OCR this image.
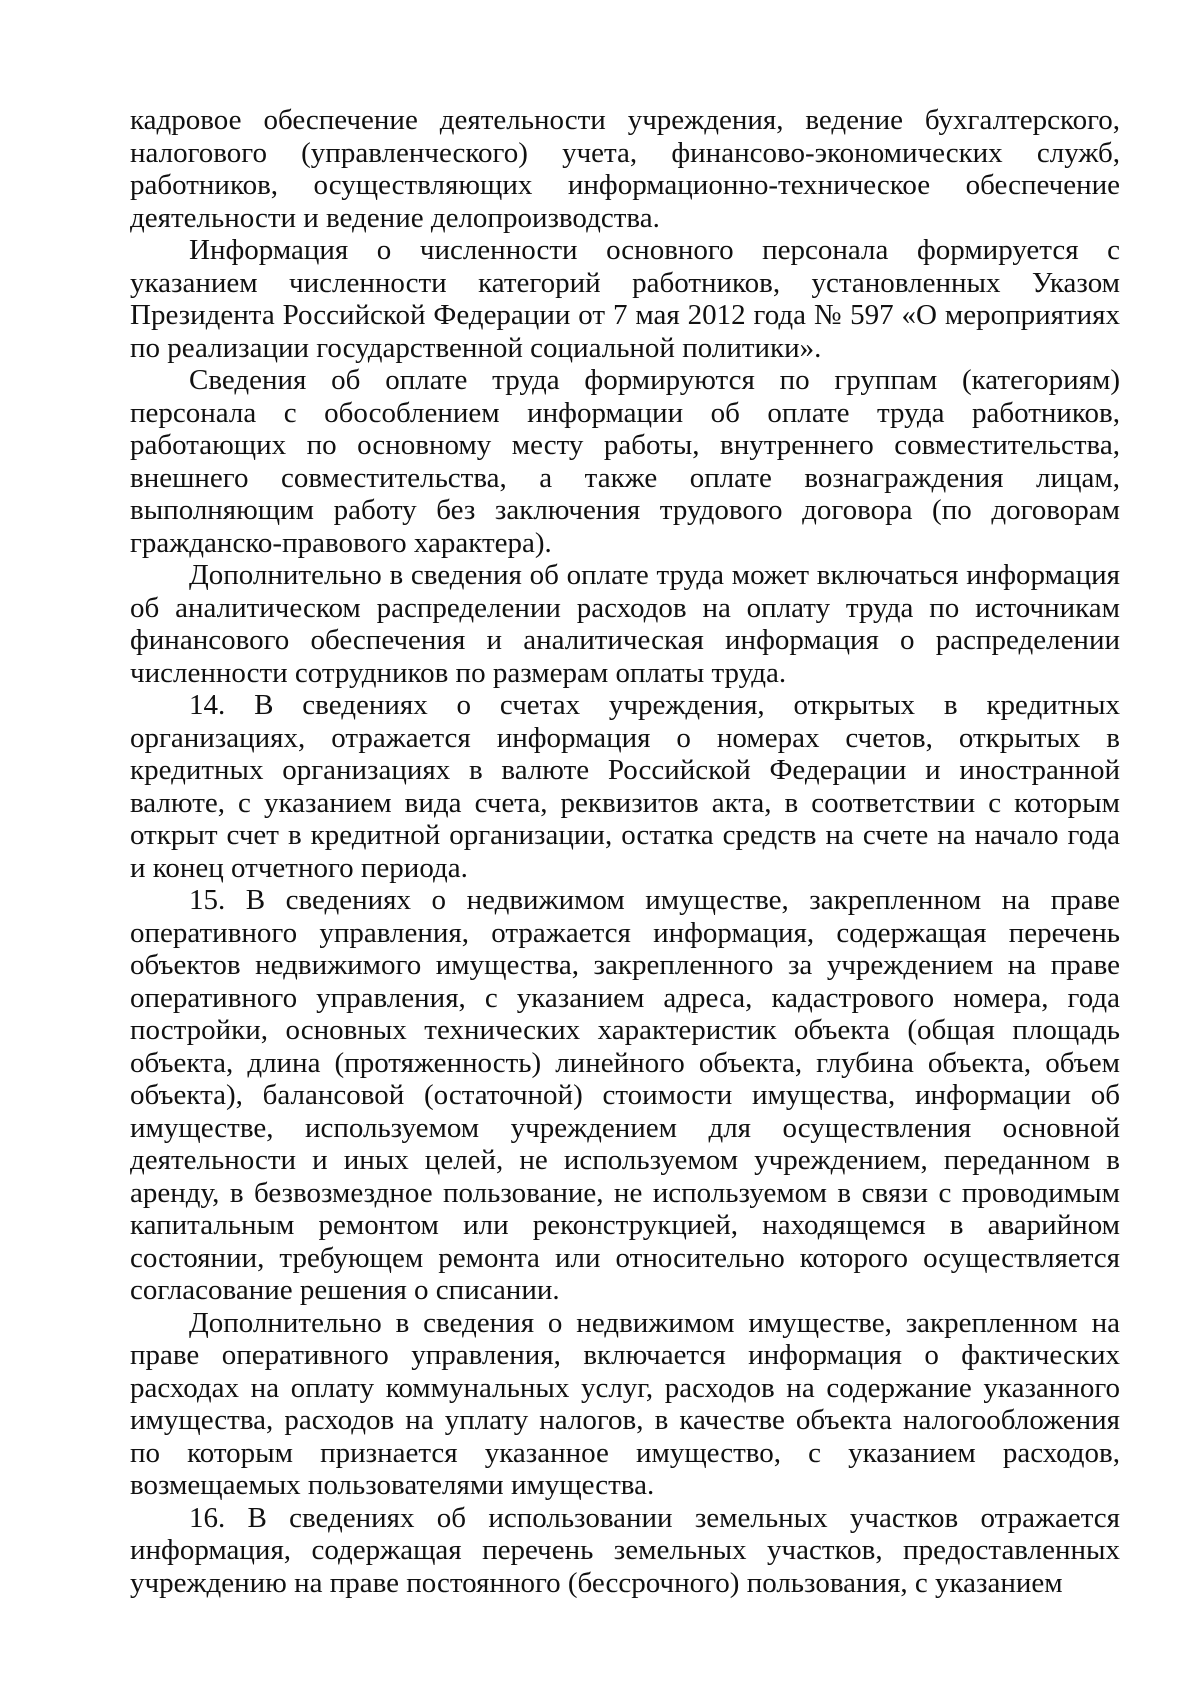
кадровое обеспечение деятельности учреждения, ведение бухгалтерского, налогового (управленческого) учета, финансово-экономических служб, работников, осуществляющих информационно-техническое обеспечение деятельности и ведение делопроизводства.

Информация о численности основного персонала формируется с указанием численности категорий работников, установленных Указом Президента Российской Федерации от 7 мая 2012 года № 597 «О мероприятиях по реализации государственной социальной политики».

Сведения об оплате труда формируются по группам (категориям) персонала с обособлением информации об оплате труда работников, работающих по основному месту работы, внутреннего совместительства, внешнего совместительства, а также оплате вознаграждения лицам, выполняющим работу без заключения трудового договора (по договорам гражданско-правового характера).

Дополнительно в сведения об оплате труда может включаться информация об аналитическом распределении расходов на оплату труда по источникам финансового обеспечения и аналитическая информация о распределении численности сотрудников по размерам оплаты труда.

14. В сведениях о счетах учреждения, открытых в кредитных организациях, отражается информация о номерах счетов, открытых в кредитных организациях в валюте Российской Федерации и иностранной валюте, с указанием вида счета, реквизитов акта, в соответствии с которым открыт счет в кредитной организации, остатка средств на счете на начало года и конец отчетного периода.

15. В сведениях о недвижимом имуществе, закрепленном на праве оперативного управления, отражается информация, содержащая перечень объектов недвижимого имущества, закрепленного за учреждением на праве оперативного управления, с указанием адреса, кадастрового номера, года постройки, основных технических характеристик объекта (общая площадь объекта, длина (протяженность) линейного объекта, глубина объекта, объем объекта), балансовой (остаточной) стоимости имущества, информации об имуществе, используемом учреждением для осуществления основной деятельности и иных целей, не используемом учреждением, переданном в аренду, в безвозмездное пользование, не используемом в связи с проводимым капитальным ремонтом или реконструкцией, находящемся в аварийном состоянии, требующем ремонта или относительно которого осуществляется согласование решения о списании.

Дополнительно в сведения о недвижимом имуществе, закрепленном на праве оперативного управления, включается информация о фактических расходах на оплату коммунальных услуг, расходов на содержание указанного имущества, расходов на уплату налогов, в качестве объекта налогообложения по которым признается указанное имущество, с указанием расходов, возмещаемых пользователями имущества.

16. В сведениях об использовании земельных участков отражается информация, содержащая перечень земельных участков, предоставленных учреждению на праве постоянного (бессрочного) пользования, с указанием
